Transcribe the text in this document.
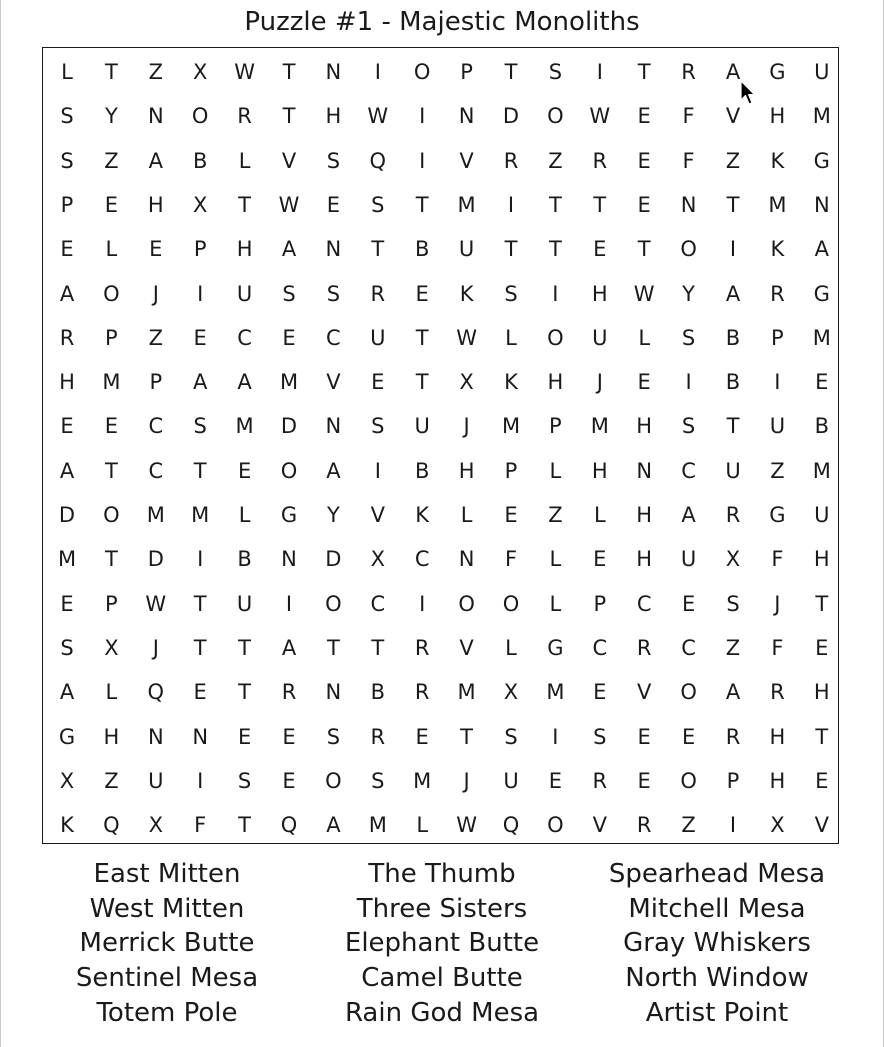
Puzzle #1 - Majestic Monoliths
L	T	Z	X	W	T	N	I	O	P	T	S	I	T	R	A	G	U
S	Y	N	O	R	T	H	W	I	N	D	O	W	E	F	V	H	M
S	Z	A	B	L	V	S	Q	I	V	R	Z	R	E	F	Z	K	G
P	E	H	X	T	W	E	S	T	M	I	T	T	E	N	T	M	N
E	L	E	P	H	A	N	T	B	U	T	T	E	T	O	I	K	A
A	O	J	I	U	S	S	R	E	K	S	I	H	W	Y	A	R	G
R	P	Z	E	C	E	C	U	T	W	L	O	U	L	S	B	P	M
H	M	P	A	A	M	V	E	T	X	K	H	J	E	I	B	I	E
E	E	C	S	M	D	N	S	U	J	M	P	M	H	S	T	U	B
A	T	C	T	E	O	A	I	B	H	P	L	H	N	C	U	Z	M
D	O	M	M	L	G	Y	V	K	L	E	Z	L	H	A	R	G	U
M	T	D	I	B	N	D	X	C	N	F	L	E	H	U	X	F	H
E	P	W	T	U	I	O	C	I	O	O	L	P	C	E	S	J	T
S	X	J	T	T	A	T	T	R	V	L	G	C	R	C	Z	F	E
A	L	Q	E	T	R	N	B	R	M	X	M	E	V	O	A	R	H
G	H	N	N	E	E	S	R	E	T	S	I	S	E	E	R	H	T
X	Z	U	I	S	E	O	S	M	J	U	E	R	E	O	P	H	E
K	Q	X	F	T	Q	A	M	L	W	Q	O	V	R	Z	I	X	V
East Mitten
West Mitten
Merrick Butte
Sentinel Mesa
Totem Pole
The Thumb
Three Sisters
Elephant Butte
Camel Butte
Rain God Mesa
Spearhead Mesa
Mitchell Mesa
Gray Whiskers
North Window
Artist Point
